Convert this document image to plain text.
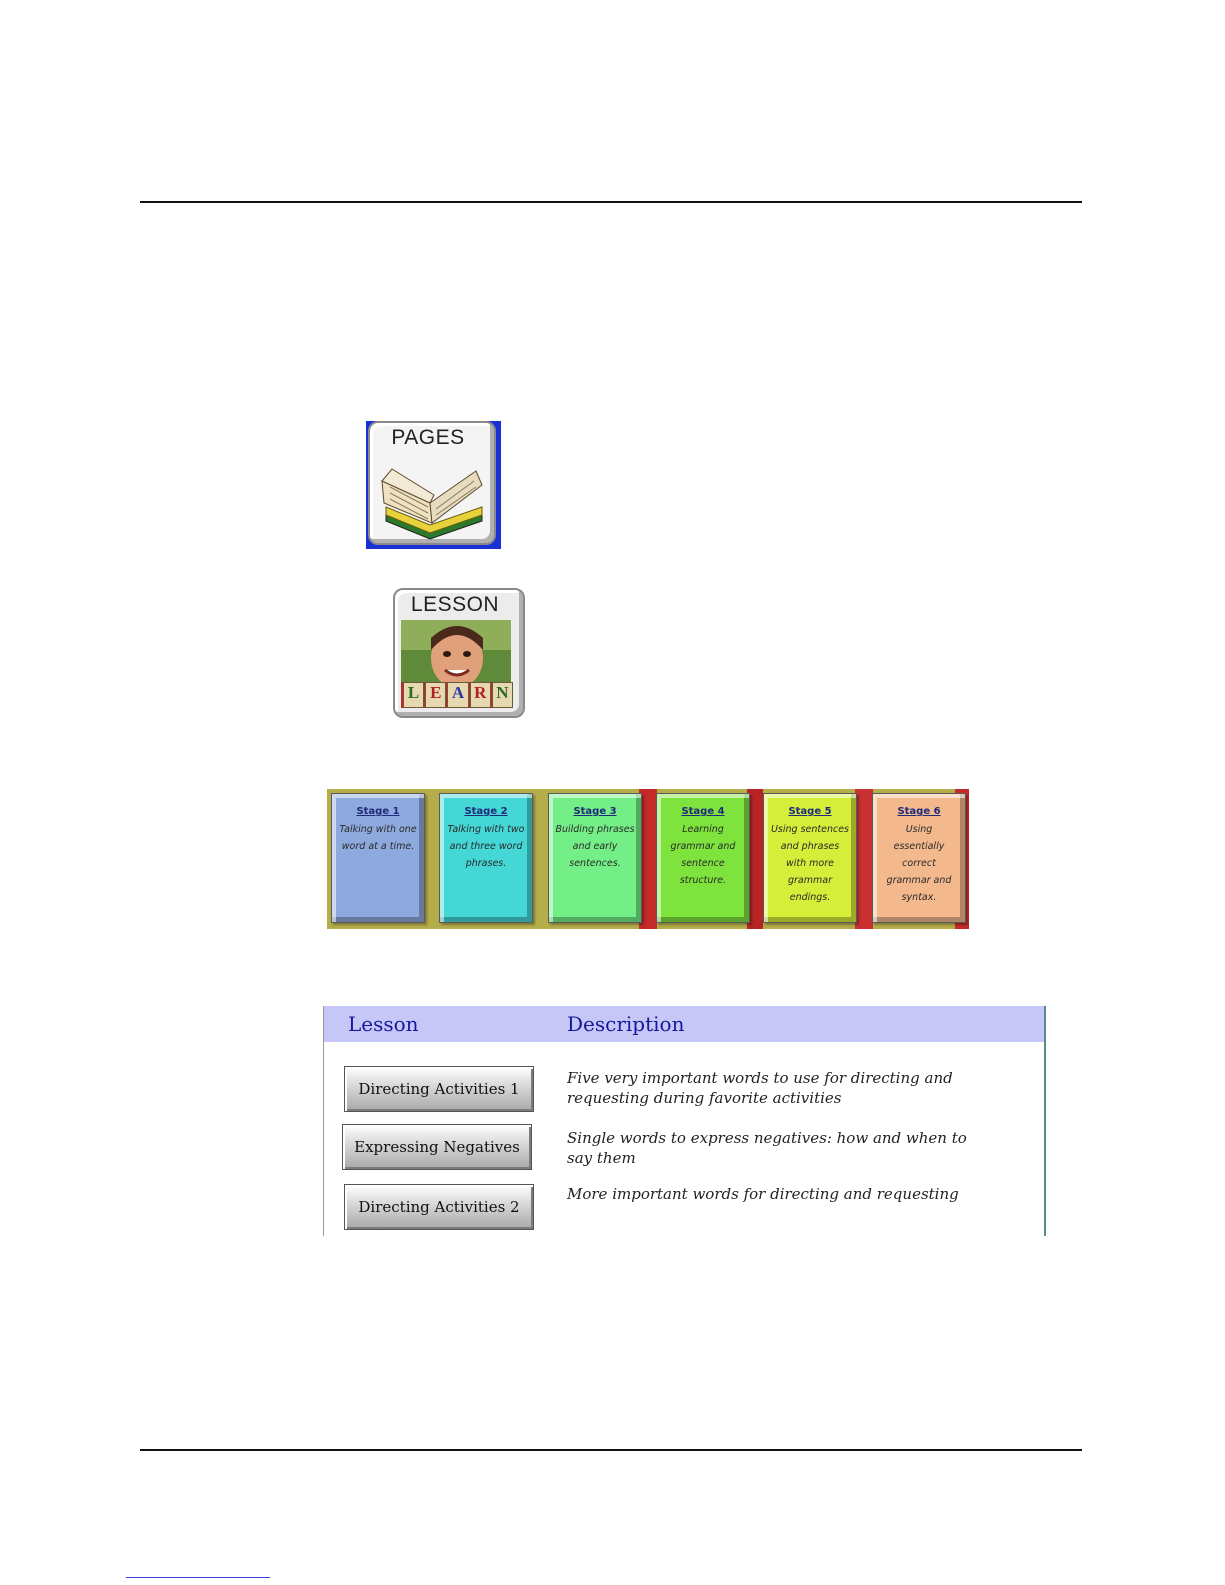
PAGES
LESSON
L E A R N
Stage 1
Talking with one word at a time.
Stage 2
Talking with two and three word phrases.
Stage 3
Building phrases and early sentences.
Stage 4
Learning grammar and sentence structure.
Stage 5
Using sentences and phrases with more grammar endings.
Stage 6
Using essentially correct grammar and syntax.
Lesson	Description
Directing Activities 1
Five very important words to use for directing and requesting during favorite activities
Expressing Negatives	Single words to express negatives: how and when to say them
Directing Activities 2
More important words for directing and requesting
